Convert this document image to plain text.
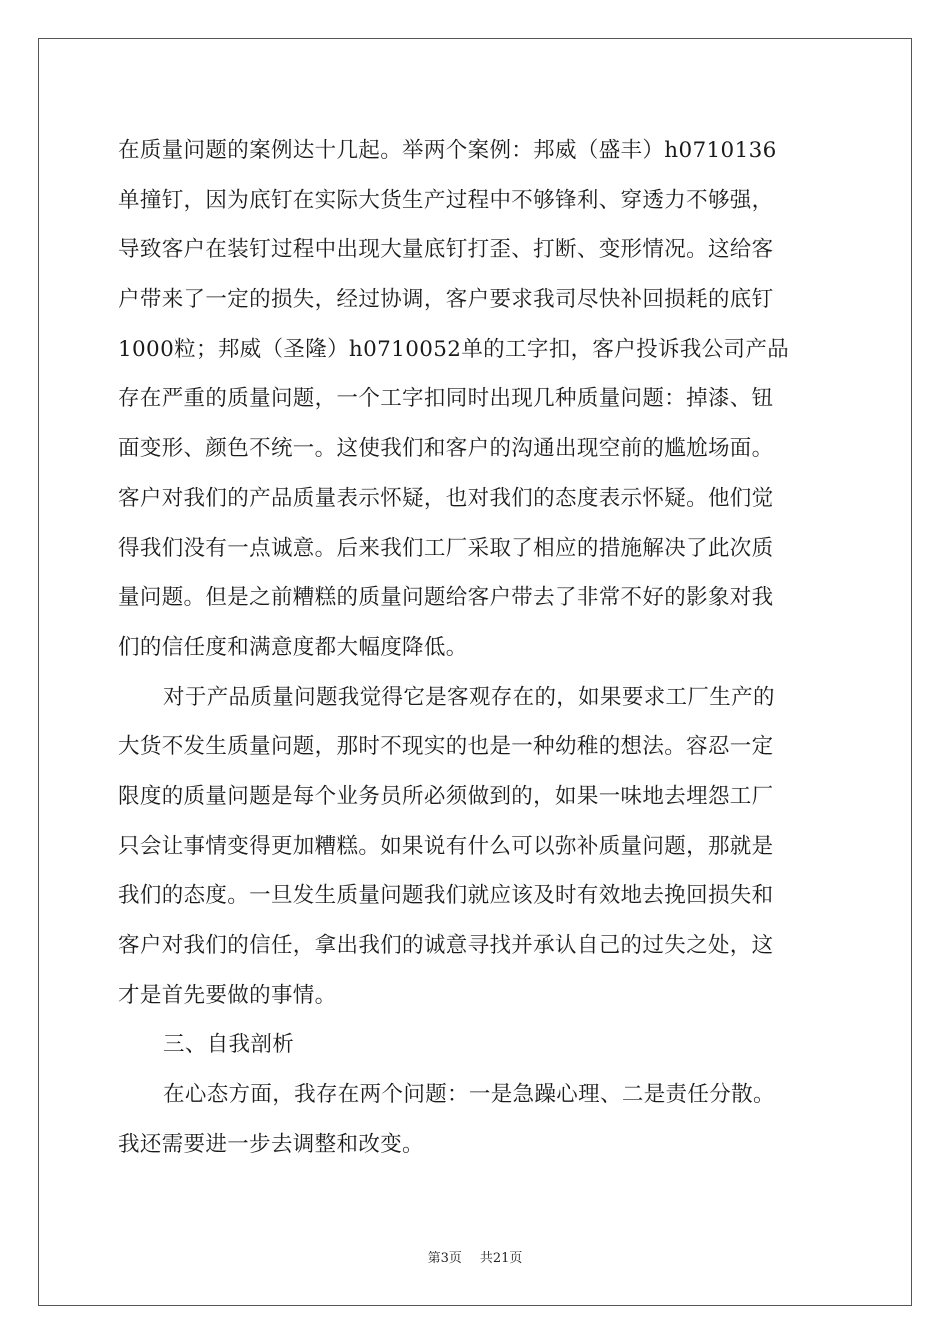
在质量问题的案例达十几起。举两个案例：邦威（盛丰）h0710136
单撞钉，因为底钉在实际大货生产过程中不够锋利、穿透力不够强，
导致客户在装钉过程中出现大量底钉打歪、打断、变形情况。这给客
户带来了一定的损失，经过协调，客户要求我司尽快补回损耗的底钉
1000粒；邦威（圣隆）h0710052单的工字扣，客户投诉我公司产品
存在严重的质量问题，一个工字扣同时出现几种质量问题：掉漆、钮
面变形、颜色不统一。这使我们和客户的沟通出现空前的尴尬场面。
客户对我们的产品质量表示怀疑，也对我们的态度表示怀疑。他们觉
得我们没有一点诚意。后来我们工厂采取了相应的措施解决了此次质
量问题。但是之前糟糕的质量问题给客户带去了非常不好的影象对我
们的信任度和满意度都大幅度降低。
对于产品质量问题我觉得它是客观存在的，如果要求工厂生产的
大货不发生质量问题，那时不现实的也是一种幼稚的想法。容忍一定
限度的质量问题是每个业务员所必须做到的，如果一味地去埋怨工厂
只会让事情变得更加糟糕。如果说有什么可以弥补质量问题，那就是
我们的态度。一旦发生质量问题我们就应该及时有效地去挽回损失和
客户对我们的信任，拿出我们的诚意寻找并承认自己的过失之处，这
才是首先要做的事情。
三、自我剖析
在心态方面，我存在两个问题：一是急躁心理、二是责任分散。
我还需要进一步去调整和改变。
第3页 共21页
